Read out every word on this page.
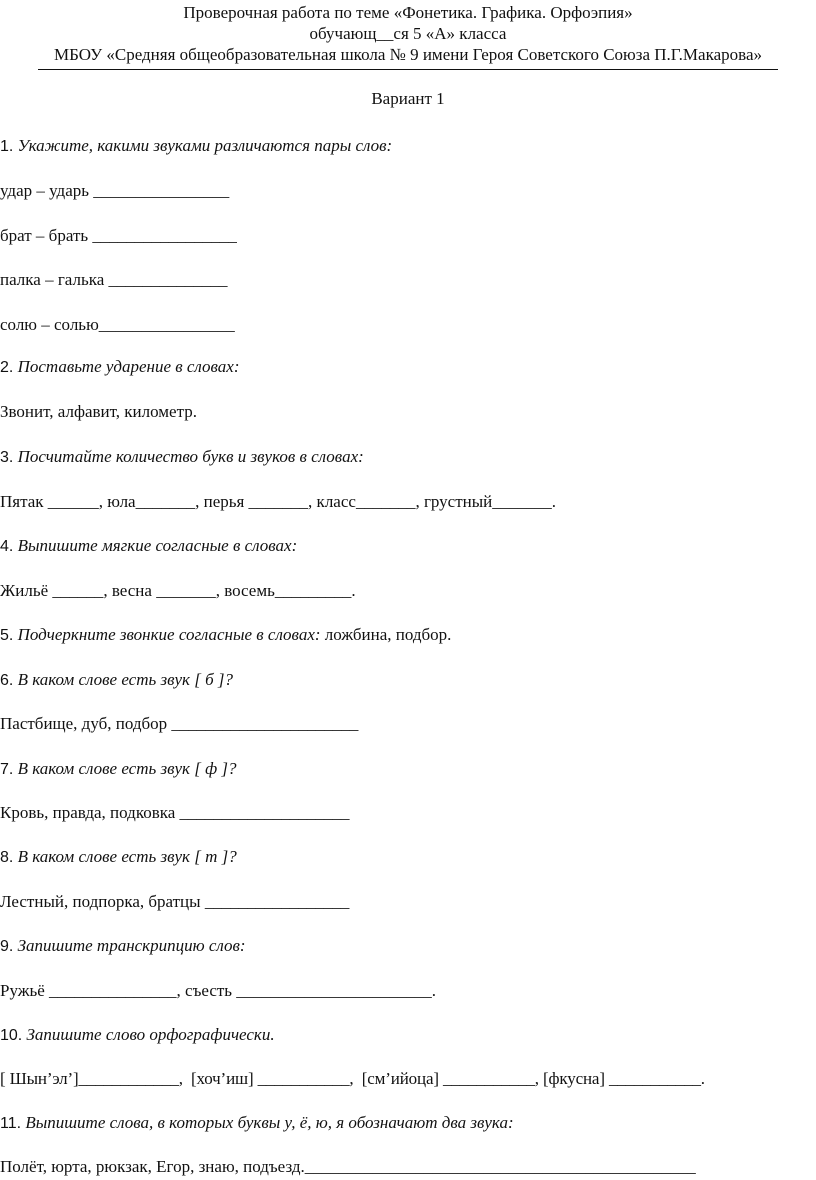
Проверочная работа по теме «Фонетика. Графика. Орфоэпия»
обучающ__ся 5 «А» класса
МБОУ «Средняя общеобразовательная школа № 9 имени Героя Советского Союза П.Г.Макарова»
Вариант 1
1. Укажите, какими звуками различаются пары слов:
удар – ударь ________________
брат – брать _________________
палка – галька ______________
солю – солью________________
2. Поставьте ударение в словах:
Звонит, алфавит, километр.
3. Посчитайте количество букв и звуков в словах:
Пятак ______, юла_______, перья _______, класс_______, грустный_______.
4. Выпишите мягкие согласные в словах:
Жильё ______, весна _______, восемь_________.
5. Подчеркните звонкие согласные в словах: ложбина, подбор.
6. В каком слове есть звук [ б ]?
Пастбище, дуб, подбор ______________________
7. В каком слове есть звук [ ф ]?
Кровь, правда, подковка ____________________
8. В каком слове есть звук [ т ]?
Лестный, подпорка, братцы _________________
9. Запишите транскрипцию слов:
Ружьё _______________, съесть _______________________.
10. Запишите слово орфографически.
[ Шын’эл’]____________,  [хоч’иш] ___________,  [см’ийоца] ___________, [фкусна] ___________.
11. Выпишите слова, в которых буквы у, ё, ю, я обозначают два звука:
Полёт, юрта, рюкзак, Егор, знаю, подъезд.______________________________________________
